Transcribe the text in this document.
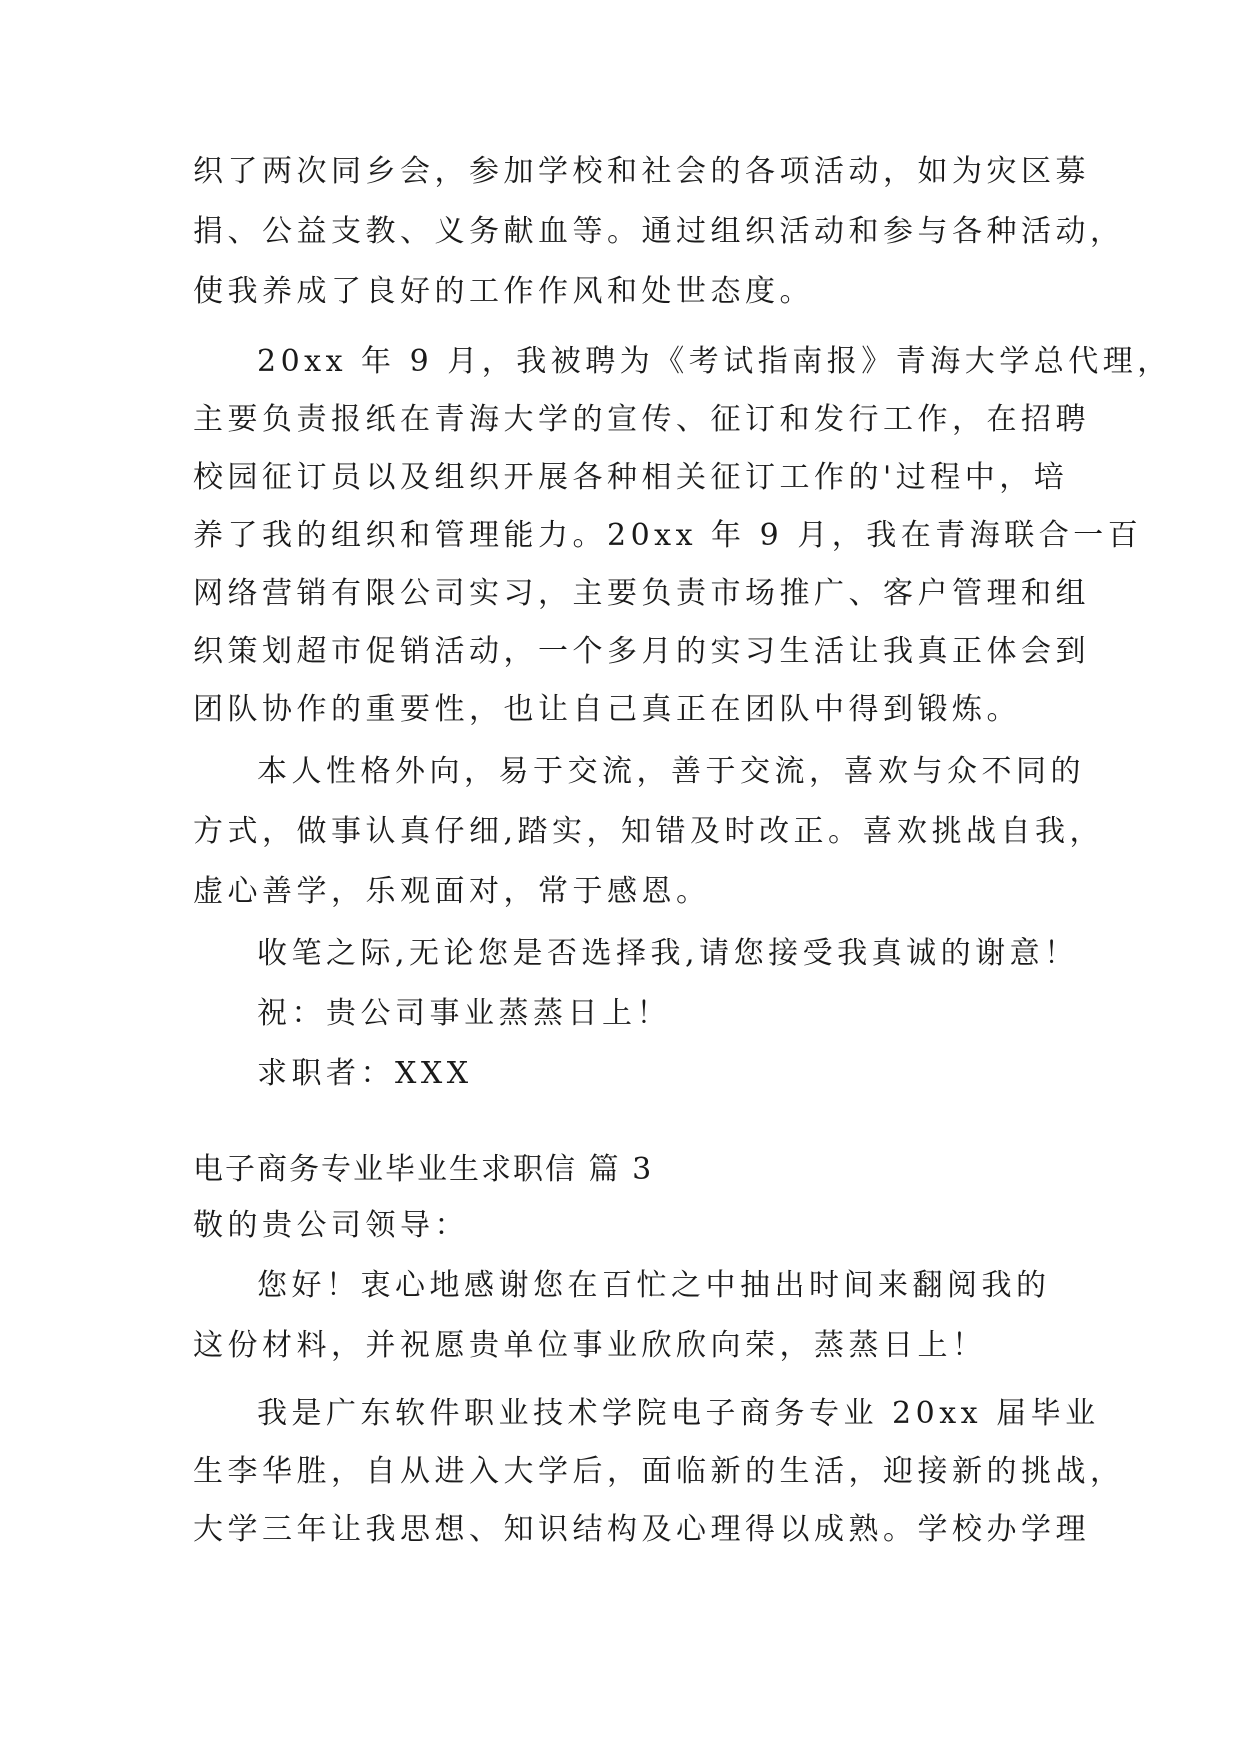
织了两次同乡会，参加学校和社会的各项活动，如为灾区募
捐、公益支教、义务献血等。通过组织活动和参与各种活动，
使我养成了良好的工作作风和处世态度。
20xx 年 9 月，我被聘为《考试指南报》青海大学总代理，
主要负责报纸在青海大学的宣传、征订和发行工作，在招聘
校园征订员以及组织开展各种相关征订工作的'过程中，培
养了我的组织和管理能力。20xx 年 9 月，我在青海联合一百
网络营销有限公司实习，主要负责市场推广、客户管理和组
织策划超市促销活动，一个多月的实习生活让我真正体会到
团队协作的重要性，也让自己真正在团队中得到锻炼。
本人性格外向，易于交流，善于交流，喜欢与众不同的
方式，做事认真仔细,踏实，知错及时改正。喜欢挑战自我，
虚心善学，乐观面对，常于感恩。
收笔之际,无论您是否选择我,请您接受我真诚的谢意！
祝：贵公司事业蒸蒸日上！
求职者：XXX
电子商务专业毕业生求职信 篇 3
敬的贵公司领导：
您好！衷心地感谢您在百忙之中抽出时间来翻阅我的
这份材料，并祝愿贵单位事业欣欣向荣，蒸蒸日上！
我是广东软件职业技术学院电子商务专业 20xx 届毕业
生李华胜，自从进入大学后，面临新的生活，迎接新的挑战，
大学三年让我思想、知识结构及心理得以成熟。学校办学理
